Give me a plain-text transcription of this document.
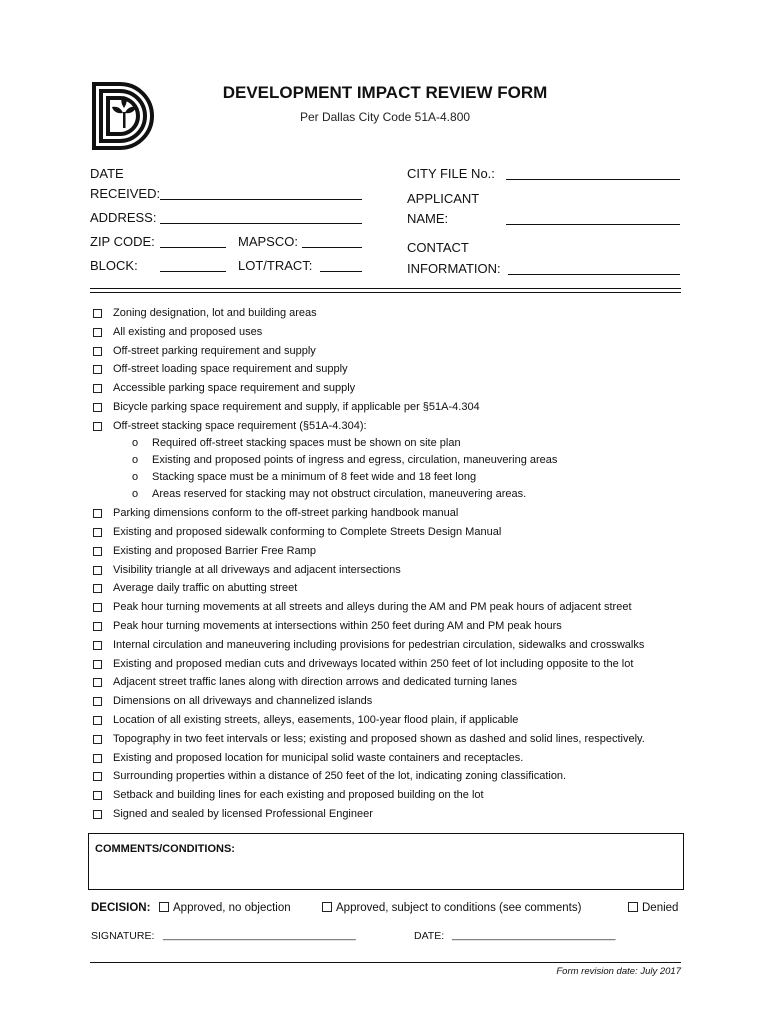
DEVELOPMENT IMPACT REVIEW FORM
Per Dallas City Code 51A-4.800
DATE
RECEIVED:
ADDRESS:
ZIP CODE:	MAPSCO:
BLOCK:	LOT/TRACT:
CITY FILE No.:
APPLICANT
NAME:
CONTACT
INFORMATION:
Zoning designation, lot and building areas
All existing and proposed uses
Off-street parking requirement and supply
Off-street loading space requirement and supply
Accessible parking space requirement and supply
Bicycle parking space requirement and supply, if applicable per §51A-4.304
Off-street stacking space requirement (§51A-4.304):
o Required off-street stacking spaces must be shown on site plan
o Existing and proposed points of ingress and egress, circulation, maneuvering areas
o Stacking space must be a minimum of 8 feet wide and 18 feet long
o Areas reserved for stacking may not obstruct circulation, maneuvering areas.
Parking dimensions conform to the off-street parking handbook manual
Existing and proposed sidewalk conforming to Complete Streets Design Manual
Existing and proposed Barrier Free Ramp
Visibility triangle at all driveways and adjacent intersections
Average daily traffic on abutting street
Peak hour turning movements at all streets and alleys during the AM and PM peak hours of adjacent street
Peak hour turning movements at intersections within 250 feet during AM and PM peak hours
Internal circulation and maneuvering including provisions for pedestrian circulation, sidewalks and crosswalks
Existing and proposed median cuts and driveways located within 250 feet of lot including opposite to the lot
Adjacent street traffic lanes along with direction arrows and dedicated turning lanes
Dimensions on all driveways and channelized islands
Location of all existing streets, alleys, easements, 100-year flood plain, if applicable
Topography in two feet intervals or less; existing and proposed shown as dashed and solid lines, respectively.
Existing and proposed location for municipal solid waste containers and receptacles.
Surrounding properties within a distance of 250 feet of the lot, indicating zoning classification.
Setback and building lines for each existing and proposed building on the lot
Signed and sealed by licensed Professional Engineer
COMMENTS/CONDITIONS:
DECISION:	Approved, no objection	Approved, subject to conditions (see comments)	Denied
SIGNATURE: _________________________________	DATE: ____________________________
Form revision date: July 2017
